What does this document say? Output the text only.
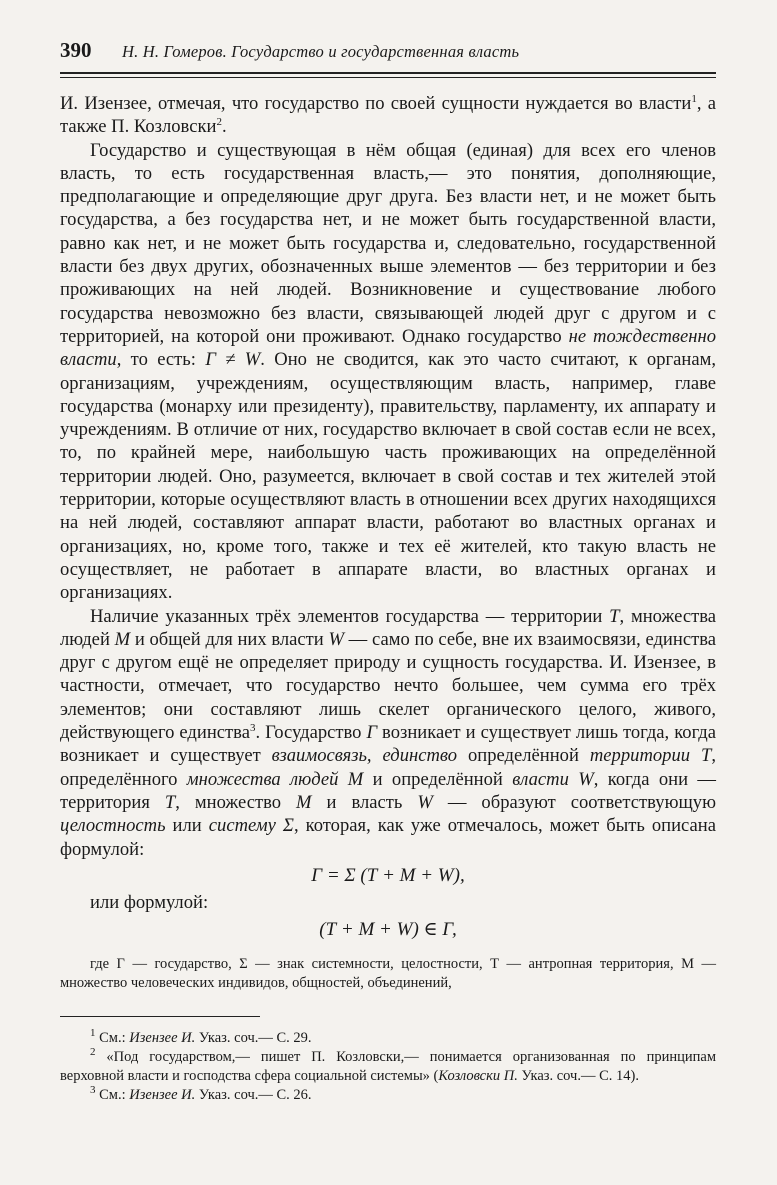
390	Н. Н. Гомеров. Государство и государственная власть

И. Изензее, отмечая, что государство по своей сущности нуждается во власти$^1$, а также П. Козловски$^2$.

Государство и существующая в нём общая (единая) для всех его членов власть, то есть государственная власть,— это понятия, дополняющие, предполагающие и определяющие друг друга. Без власти нет, и не может быть государства, а без государства нет, и не может быть государственной власти, равно как нет, и не может быть государства и, следовательно, государственной власти без двух других, обозначенных выше элементов — без территории и без проживающих на ней людей. Возникновение и существование любого государства невозможно без власти, связывающей людей друг с другом и с территорией, на которой они проживают. Однако государство не тождественно власти, то есть: Г ≠ W. Оно не сводится, как это часто считают, к органам, организациям, учреждениям, осуществляющим власть, например, главе государства (монарху или президенту), правительству, парламенту, их аппарату и учреждениям. В отличие от них, государство включает в свой состав если не всех, то, по крайней мере, наибольшую часть проживающих на определённой территории людей. Оно, разумеется, включает в свой состав и тех жителей этой территории, которые осуществляют власть в отношении всех других находящихся на ней людей, составляют аппарат власти, работают во властных органах и организациях, но, кроме того, также и тех её жителей, кто такую власть не осуществляет, не работает в аппарате власти, во властных органах и организациях.

Наличие указанных трёх элементов государства — территории Т, множества людей М и общей для них власти W — само по себе, вне их взаимосвязи, единства друг с другом ещё не определяет природу и сущность государства. И. Изензее, в частности, отмечает, что государство нечто большее, чем сумма его трёх элементов; они составляют лишь скелет органического целого, живого, действующего единства$^3$. Государство Г возникает и существует лишь тогда, когда возникает и существует взаимосвязь, единство определённой территории Т, определённого множества людей М и определённой власти W, когда они — территория Т, множество М и власть W — образуют соответствующую целостность или систему Σ, которая, как уже отмечалось, может быть описана формулой:

Г = Σ (Т + М + W),
или формулой:
(Т + М + W) ∈ Г,
где Г — государство, Σ — знак системности, целостности, Т — антропная территория, М — множество человеческих индивидов, общностей, объединений,

$^1$ См.: Изензее И. Указ. соч.— С. 29.

$^2$ «Под государством,— пишет П. Козловски,— понимается организованная по принципам верховной власти и господства сфера социальной системы» (Козловски П. Указ. соч.— С. 14).

$^3$ См.: Изензее И. Указ. соч.— С. 26.
